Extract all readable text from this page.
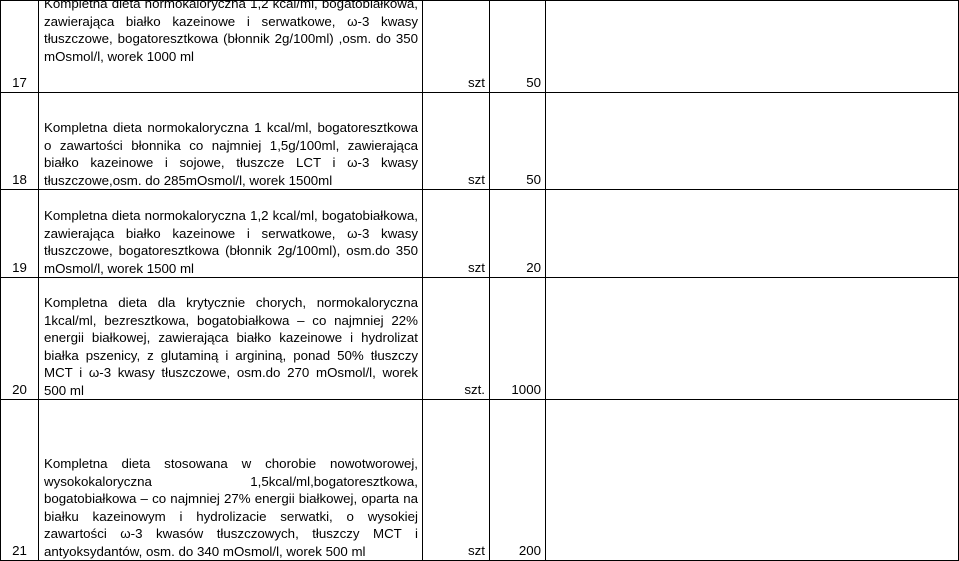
17	Kompletna dieta normokaloryczna 1,2 kcal/ml, bogatobiałkowa, zawierająca białko kazeinowe i serwatkowe, ω-3 kwasy tłuszczowe, bogatoresztkowa (błonnik 2g/100ml) ,osm. do 350 mOsmol/l, worek 1000 ml	szt	50	
18	Kompletna dieta normokaloryczna 1 kcal/ml, bogatoresztkowa o zawartości błonnika co najmniej 1,5g/100ml, zawierająca białko kazeinowe i sojowe, tłuszcze LCT i ω-3 kwasy tłuszczowe,osm. do 285mOsmol/l, worek 1500ml	szt	50	
19	Kompletna dieta normokaloryczna 1,2 kcal/ml, bogatobiałkowa, zawierająca białko kazeinowe i serwatkowe, ω-3 kwasy tłuszczowe, bogatoresztkowa (błonnik 2g/100ml), osm.do 350 mOsmol/l, worek 1500 ml	szt	20	
20	Kompletna dieta dla krytycznie chorych, normokaloryczna 1kcal/ml, bezresztkowa, bogatobiałkowa – co najmniej 22% energii białkowej, zawierająca białko kazeinowe i hydrolizat białka pszenicy, z glutaminą i argininą, ponad 50% tłuszczy MCT i ω-3 kwasy tłuszczowe, osm.do 270 mOsmol/l, worek 500 ml	szt.	1000	
21	Kompletna dieta stosowana w chorobie nowotworowej, wysokokaloryczna 1,5kcal/ml,bogatoresztkowa, bogatobiałkowa – co najmniej 27% energii białkowej, oparta na białku kazeinowym i hydrolizacie serwatki, o wysokiej zawartości ω-3 kwasów tłuszczowych, tłuszczy MCT i antyoksydantów, osm. do 340 mOsmol/l, worek 500 ml	szt	200	
